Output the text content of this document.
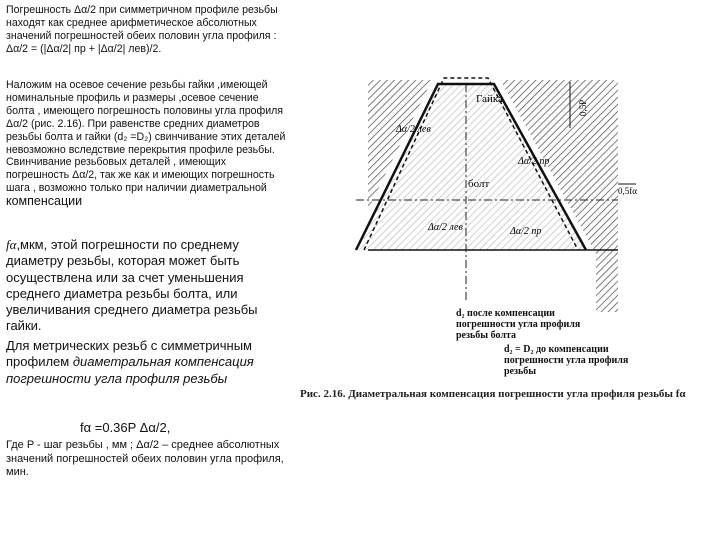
Погрешность Δα/2 при симметричном профиле резьбы находят как среднее арифметическое абсолютных значений погрешностей обеих половин угла профиля : Δα/2 = (|Δα/2| пр + |Δα/2| лев)/2.
Наложим на осевое сечение резьбы гайки ,имеющей номинальные профиль и размеры ,осевое сечение болта , имеющего погрешность половины угла профиля Δα/2 (рис. 2.16). При равенстве средних диаметров резьбы болта и гайки (d₂ =D₂) свинчивание этих деталей невозможно вследствие перекрытия профиле резьбы. Свинчивание резьбовых деталей , имеющих погрешность Δα/2, так же как и имеющих погрешность шага , возможно только при наличии диаметральной компенсации
fα,мкм, этой погрешности по среднему диаметру резьбы, которая может быть осуществлена или за счет уменьшения среднего диаметра резьбы болта, или увеличивания среднего диаметра резьбы гайки.
Для метрических резьб с симметричным профилем диаметральная компенсация погрешности угла профиля резьбы
fα =0.36P Δα/2,
Где P - шаг резьбы , мм ; Δα/2 – среднее абсолютных значений погрешностей обеих половин угла профиля, мин.
Гайка
болт
Δα/2 лев
Δα/2 пр
Δα/2 лев	Δα/2 пр
0,5P
0,5fα
d₂ после компенсации погрешности угла профиля резьбы болта
d₂ = D₂ до компенсации погрешности угла профиля резьбы
Рис. 2.16. Диаметральная компенсация погрешности угла профиля резьбы fα
